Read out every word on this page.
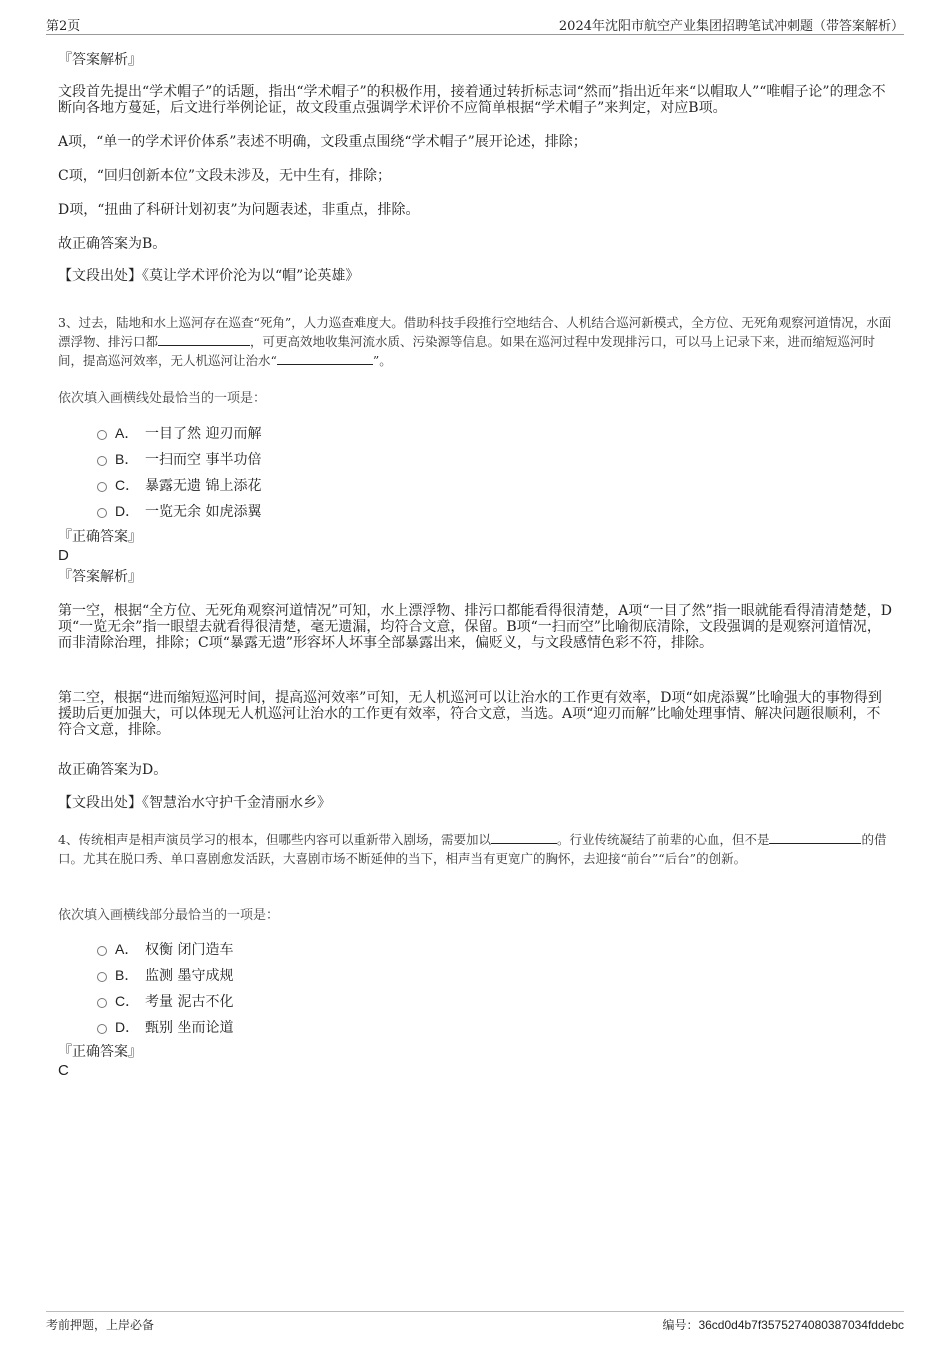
第2页	2024年沈阳市航空产业集团招聘笔试冲刺题（带答案解析）
『答案解析』
文段首先提出“学术帽子”的话题，指出“学术帽子”的积极作用，接着通过转折标志词“然而”指出近年来“以帽取人”“唯帽子论”的理念不断向各地方蔓延，后文进行举例论证，故文段重点强调学术评价不应简单根据“学术帽子”来判定，对应B项。
A项，“单一的学术评价体系”表述不明确，文段重点围绕“学术帽子”展开论述，排除；
C项，“回归创新本位”文段未涉及，无中生有，排除；
D项，“扭曲了科研计划初衷”为问题表述，非重点，排除。
故正确答案为B。
【文段出处】《莫让学术评价沦为以“帽”论英雄》
3、过去，陆地和水上巡河存在巡查“死角”，人力巡查难度大。借助科技手段推行空地结合、人机结合巡河新模式，全方位、无死角观察河道情况，水面漂浮物、排污口都	，可更高效地收集河流水质、污染源等信息。如果在巡河过程中发现排污口，可以马上记录下来，进而缩短巡河时间，提高巡河效率，无人机巡河让治水“	”。
依次填入画横线处最恰当的一项是：
A． 一目了然 迎刃而解
B． 一扫而空 事半功倍
C． 暴露无遗 锦上添花
D． 一览无余 如虎添翼
『正确答案』
D
『答案解析』
第一空，根据“全方位、无死角观察河道情况”可知，水上漂浮物、排污口都能看得很清楚，A项“一目了然”指一眼就能看得清清楚楚，D项“一览无余”指一眼望去就看得很清楚，毫无遗漏，均符合文意，保留。B项“一扫而空”比喻彻底清除，文段强调的是观察河道情况，而非清除治理，排除；C项“暴露无遗”形容坏人坏事全部暴露出来，偏贬义，与文段感情色彩不符，排除。
第二空，根据“进而缩短巡河时间，提高巡河效率”可知，无人机巡河可以让治水的工作更有效率，D项“如虎添翼”比喻强大的事物得到援助后更加强大，可以体现无人机巡河让治水的工作更有效率，符合文意，当选。A项“迎刃而解”比喻处理事情、解决问题很顺利，不符合文意，排除。
故正确答案为D。
【文段出处】《智慧治水守护千金清丽水乡》
4、传统相声是相声演员学习的根本，但哪些内容可以重新带入剧场，需要加以	。行业传统凝结了前辈的心血，但不是	的借口。尤其在脱口秀、单口喜剧愈发活跃，大喜剧市场不断延伸的当下，相声当有更宽广的胸怀，去迎接“前台”“后台”的创新。
依次填入画横线部分最恰当的一项是：
A． 权衡 闭门造车
B． 监测 墨守成规
C． 考量 泥古不化
D． 甄别 坐而论道
『正确答案』
C
考前押题，上岸必备	编号：36cd0d4b7f3575274080387034fddebc
